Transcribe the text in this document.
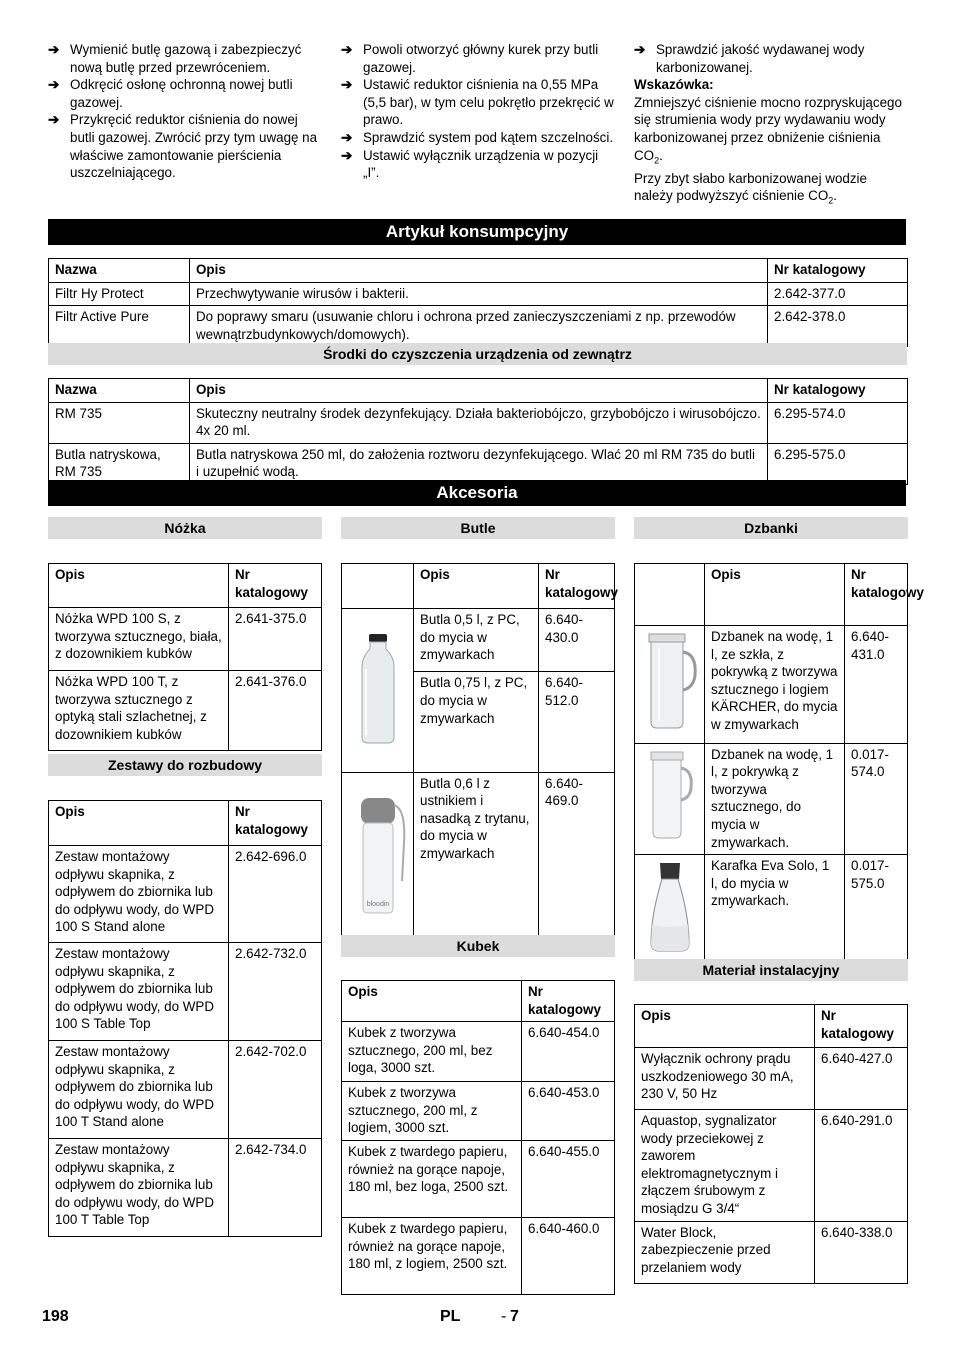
➔ Wymienić butlę gazową i zabezpieczyć nową butlę przed przewróceniem.

➔ Odkręcić osłonę ochronną nowej butli gazowej.

➔ Przykręcić reduktor ciśnienia do nowej butli gazowej. Zwrócić przy tym uwagę na właściwe zamontowanie pierścienia uszczelniającego.

➔ Powoli otworzyć główny kurek przy butli gazowej.

➔ Ustawić reduktor ciśnienia na 0,55 MPa (5,5 bar), w tym celu pokrętło przekręcić w prawo.

➔ Sprawdzić system pod kątem szczelności.

➔ Ustawić wyłącznik urządzenia w pozycji „I”.

➔ Sprawdzić jakość wydawanej wody karbonizowanej.

Wskazówka:

Zmniejszyć ciśnienie mocno rozpryskującego się strumienia wody przy wydawaniu wody karbonizowanej przez obniżenie ciśnienia $CO_2$.

Przy zbyt słabo karbonizowanej wodzie należy podwyższyć ciśnienie $CO_2$.

Artykuł konsumpcyjny
Nazwa	Opis	Nr katalogowy
Filtr Hy Protect	Przechwytywanie wirusów i bakterii.	2.642-377.0
Filtr Active Pure	Do poprawy smaru (usuwanie chloru i ochrona przed zanieczyszczeniami z np. przewodów wewnątrzbudynkowych/domowych).	2.642-378.0
Środki do czyszczenia urządzenia od zewnątrz
Nazwa	Opis	Nr katalogowy
RM 735	Skuteczny neutralny środek dezynfekujący. Działa bakteriobójczo, grzybobójczo i wirusobójczo. 4x 20 ml.	6.295-574.0
Butla natryskowa, RM 735	Butla natryskowa 250 ml, do założenia roztworu dezynfekującego. Wlać 20 ml RM 735 do butli i uzupełnić wodą.	6.295-575.0
Akcesoria
Nóżka
Opis	Nr katalogowy
Nóżka WPD 100 S, z tworzywa sztucznego, biała, z dozownikiem kubków	2.641-375.0
Nóżka WPD 100 T, z tworzywa sztucznego z optyką stali szlachetnej, z dozownikiem kubków	2.641-376.0
Zestawy do rozbudowy
Opis	Nr katalogowy
Zestaw montażowy odpływu skapnika, z odpływem do zbiornika lub do odpływu wody, do WPD 100 S Stand alone	2.642-696.0
Zestaw montażowy odpływu skapnika, z odpływem do zbiornika lub do odpływu wody, do WPD 100 S Table Top	2.642-732.0
Zestaw montażowy odpływu skapnika, z odpływem do zbiornika lub do odpływu wody, do WPD 100 T Stand alone	2.642-702.0
Zestaw montażowy odpływu skapnika, z odpływem do zbiornika lub do odpływu wody, do WPD 100 T Table Top	2.642-734.0
Butle
	Opis	Nr katalogowy
	Butla 0,5 l, z PC, do mycia w zmywarkach	6.640-430.0
	Butla 0,75 l, z PC, do mycia w zmywarkach	6.640-512.0

bloodin	Butla 0,6 l z ustnikiem i nasadką z trytanu, do mycia w zmywarkach	6.640-469.0
Kubek
Opis	Nr katalogowy
Kubek z tworzywa sztucznego, 200 ml, bez loga, 3000 szt.	6.640-454.0
Kubek z tworzywa sztucznego, 200 ml, z logiem, 3000 szt.	6.640-453.0
Kubek z twardego papieru, również na gorące napoje, 180 ml, bez loga, 2500 szt.	6.640-455.0
Kubek z twardego papieru, również na gorące napoje, 180 ml, z logiem, 2500 szt.	6.640-460.0
Dzbanki
	Opis	Nr katalogowy
	Dzbanek na wodę, 1 l, ze szkła, z pokrywką z tworzywa sztucznego i logiem KÄRCHER, do mycia w zmywarkach	6.640-431.0
	Dzbanek na wodę, 1 l, z pokrywką z tworzywa sztucznego, do mycia w zmywarkach.	0.017-574.0
	Karafka Eva Solo, 1 l, do mycia w zmywarkach.	0.017-575.0
Materiał instalacyjny
Opis	Nr katalogowy
Wyłącznik ochrony prądu uszkodzeniowego 30 mA, 230 V, 50 Hz	6.640-427.0
Aquastop, sygnalizator wody przeciekowej z zaworem elektromagnetycznym i złączem śrubowym z mosiądzu G 3/4“	6.640-291.0
Water Block, zabezpieczenie przed przelaniem wody	6.640-338.0
198	PL	- 7
